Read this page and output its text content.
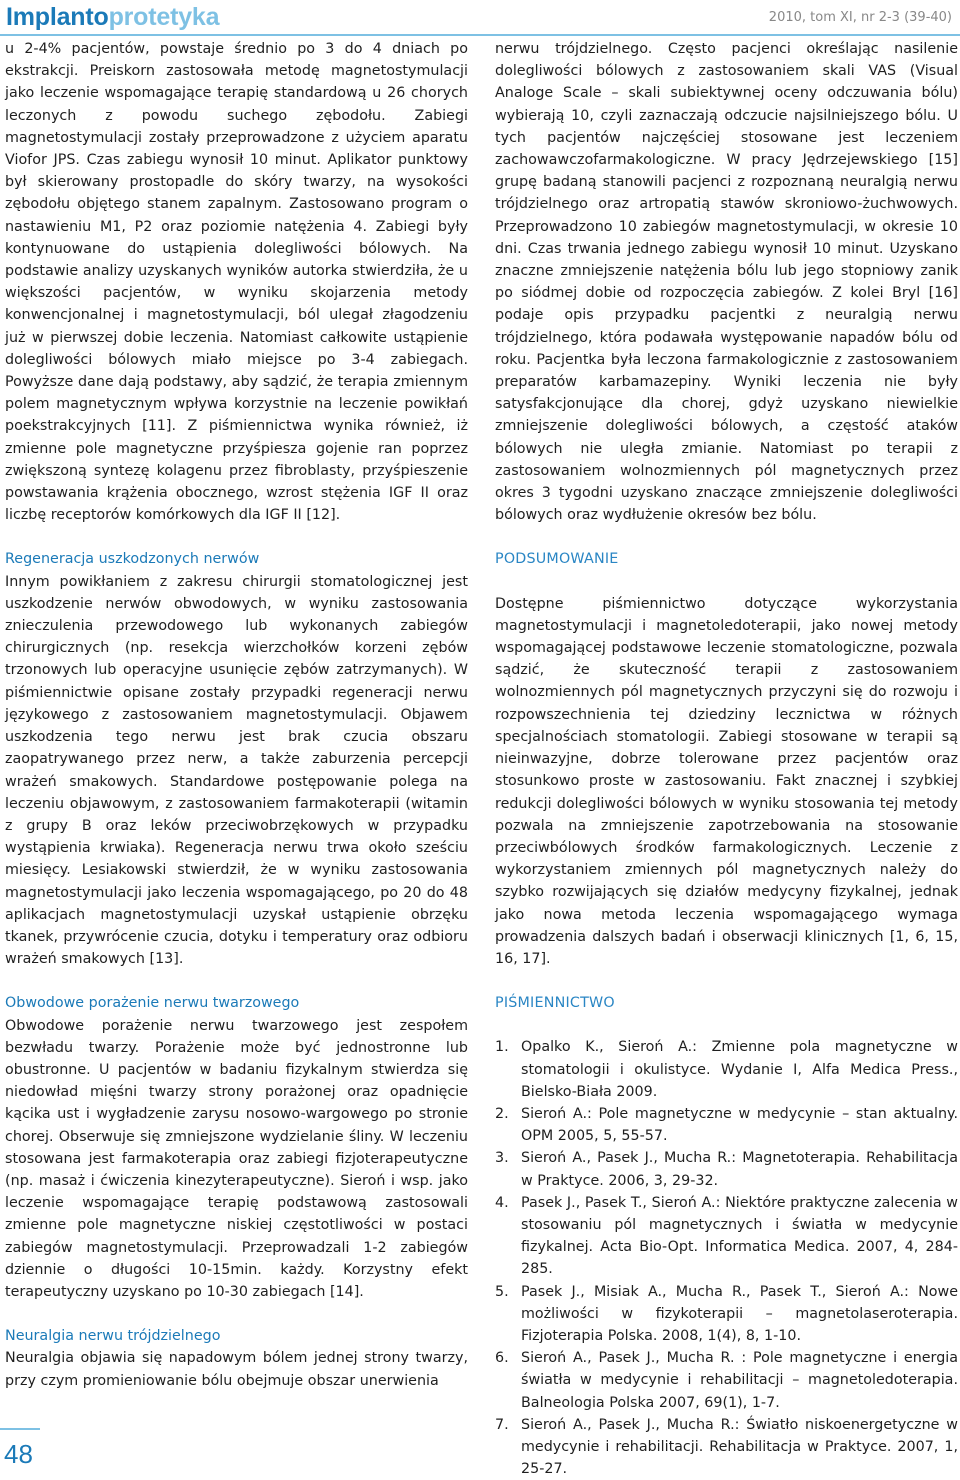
Implantoprotetyka	2010, tom XI, nr 2-3 (39-40)

u 2-4% pacjentów, powstaje średnio po 3 do 4 dniach po ekstrakcji. Preiskorn zastosowała metodę magnetostymulacji jako leczenie wspomagające terapię standardową u 26 chorych leczonych z powodu suchego zębodołu. Zabiegi magnetostymulacji zostały przeprowadzone z użyciem aparatu Viofor JPS. Czas zabiegu wynosił 10 minut. Aplikator punktowy był skierowany prostopadle do skóry twarzy, na wysokości zębodołu objętego stanem zapalnym. Zastosowano program o nastawieniu M1, P2 oraz poziomie natężenia 4. Zabiegi były kontynuowane do ustąpienia dolegliwości bólowych. Na podstawie analizy uzyskanych wyników autorka stwierdziła, że u większości pacjentów, w wyniku skojarzenia metody konwencjonalnej i magnetostymulacji, ból ulegał złagodzeniu już w pierwszej dobie leczenia. Natomiast całkowite ustąpienie dolegliwości bólowych miało miejsce po 3-4 zabiegach. Powyższe dane dają podstawy, aby sądzić, że terapia zmiennym polem magnetycznym wpływa korzystnie na leczenie powikłań poekstrakcyjnych [11]. Z piśmiennictwa wynika również, iż zmienne pole magnetyczne przyśpiesza gojenie ran poprzez zwiększoną syntezę kolagenu przez fibroblasty, przyśpieszenie powstawania krążenia obocznego, wzrost stężenia IGF II oraz liczbę receptorów komórkowych dla IGF II [12].

Regeneracja uszkodzonych nerwów

Innym powikłaniem z zakresu chirurgii stomatologicznej jest uszkodzenie nerwów obwodowych, w wyniku zastosowania znieczulenia przewodowego lub wykonanych zabiegów chirurgicznych (np. resekcja wierzchołków korzeni zębów trzonowych lub operacyjne usunięcie zębów zatrzymanych). W piśmiennictwie opisane zostały przypadki regeneracji nerwu językowego z zastosowaniem magnetostymulacji. Objawem uszkodzenia tego nerwu jest brak czucia obszaru zaopatrywanego przez nerw, a także zaburzenia percepcji wrażeń smakowych. Standardowe postępowanie polega na leczeniu objawowym, z zastosowaniem farmakoterapii (witamin z grupy B oraz leków przeciwobrzękowych w przypadku wystąpienia krwiaka). Regeneracja nerwu trwa około sześciu miesięcy. Lesiakowski stwierdził, że w wyniku zastosowania magnetostymulacji jako leczenia wspomagającego, po 20 do 48 aplikacjach magnetostymulacji uzyskał ustąpienie obrzęku tkanek, przywrócenie czucia, dotyku i temperatury oraz odbioru wrażeń smakowych [13].

Obwodowe porażenie nerwu twarzowego

Obwodowe porażenie nerwu twarzowego jest zespołem bezwładu twarzy. Porażenie może być jednostronne lub obustronne. U pacjentów w badaniu fizykalnym stwierdza się niedowład mięśni twarzy strony porażonej oraz opadnięcie kącika ust i wygładzenie zarysu nosowo-wargowego po stronie chorej. Obserwuje się zmniejszone wydzielanie śliny. W leczeniu stosowana jest farmakoterapia oraz zabiegi fizjoterapeutyczne (np. masaż i ćwiczenia kinezyterapeutyczne). Sieroń i wsp. jako leczenie wspomagające terapię podstawową zastosowali zmienne pole magnetyczne niskiej częstotliwości w postaci zabiegów magnetostymulacji. Przeprowadzali 1-2 zabiegów dziennie o długości 10-15min. każdy. Korzystny efekt terapeutyczny uzyskano po 10-30 zabiegach [14].

Neuralgia nerwu trójdzielnego

Neuralgia objawia się napadowym bólem jednej strony twarzy, przy czym promieniowanie bólu obejmuje obszar unerwienia

nerwu trójdzielnego. Często pacjenci określając nasilenie dolegliwości bólowych z zastosowaniem skali VAS (Visual Analoge Scale – skali subiektywnej oceny odczuwania bólu) wybierają 10, czyli zaznaczają odczucie najsilniejszego bólu. U tych pacjentów najczęściej stosowane jest leczeniem zachowawczofarmakologiczne. W pracy Jędrzejewskiego [15] grupę badaną stanowili pacjenci z rozpoznaną neuralgią nerwu trójdzielnego oraz artropatią stawów skroniowo-żuchwowych. Przeprowadzono 10 zabiegów magnetostymulacji, w okresie 10 dni. Czas trwania jednego zabiegu wynosił 10 minut. Uzyskano znaczne zmniejszenie natężenia bólu lub jego stopniowy zanik po siódmej dobie od rozpoczęcia zabiegów. Z kolei Bryl [16] podaje opis przypadku pacjentki z neuralgią nerwu trójdzielnego, która podawała występowanie napadów bólu od roku. Pacjentka była leczona farmakologicznie z zastosowaniem preparatów karbamazepiny. Wyniki leczenia nie były satysfakcjonujące dla chorej, gdyż uzyskano niewielkie zmniejszenie dolegliwości bólowych, a częstość ataków bólowych nie uległa zmianie. Natomiast po terapii z zastosowaniem wolnozmiennych pól magnetycznych przez okres 3 tygodni uzyskano znaczące zmniejszenie dolegliwości bólowych oraz wydłużenie okresów bez bólu.

PODSUMOWANIE

Dostępne piśmiennictwo dotyczące wykorzystania magnetostymulacji i magnetoledoterapii, jako nowej metody wspomagającej podstawowe leczenie stomatologiczne, pozwala sądzić, że skuteczność terapii z zastosowaniem wolnozmiennych pól magnetycznych przyczyni się do rozwoju i rozpowszechnienia tej dziedziny lecznictwa w różnych specjalnościach stomatologii. Zabiegi stosowane w terapii są nieinwazyjne, dobrze tolerowane przez pacjentów oraz stosunkowo proste w zastosowaniu. Fakt znacznej i szybkiej redukcji dolegliwości bólowych w wyniku stosowania tej metody pozwala na zmniejszenie zapotrzebowania na stosowanie przeciwbólowych środków farmakologicznych. Leczenie z wykorzystaniem zmiennych pól magnetycznych należy do szybko rozwijających się działów medycyny fizykalnej, jednak jako nowa metoda leczenia wspomagającego wymaga prowadzenia dalszych badań i obserwacji klinicznych [1, 6, 15, 16, 17].

PIŚMIENNICTWO

1. Opalko K., Sieroń A.: Zmienne pola magnetyczne w stomatologii i okulistyce. Wydanie I, Alfa Medica Press., Bielsko-Biała 2009.
2. Sieroń A.: Pole magnetyczne w medycynie – stan aktualny. OPM 2005, 5, 55-57.
3. Sieroń A., Pasek J., Mucha R.: Magnetoterapia. Rehabilitacja w Praktyce. 2006, 3, 29-32.
4. Pasek J., Pasek T., Sieroń A.: Niektóre praktyczne zalecenia w stosowaniu pól magnetycznych i światła w medycynie fizykalnej. Acta Bio-Opt. Informatica Medica. 2007, 4, 284-285.
5. Pasek J., Misiak A., Mucha R., Pasek T., Sieroń A.: Nowe możliwości w fizykoterapii – magnetolaseroterapia. Fizjoterapia Polska. 2008, 1(4), 8, 1-10.
6. Sieroń A., Pasek J., Mucha R. : Pole magnetyczne i energia światła w medycynie i rehabilitacji – magnetoledoterapia. Balneologia Polska 2007, 69(1), 1-7.
7. Sieroń A., Pasek J., Mucha R.: Światło niskoenergetyczne w medycynie i rehabilitacji. Rehabilitacja w Praktyce. 2007, 1, 25-27.
48
